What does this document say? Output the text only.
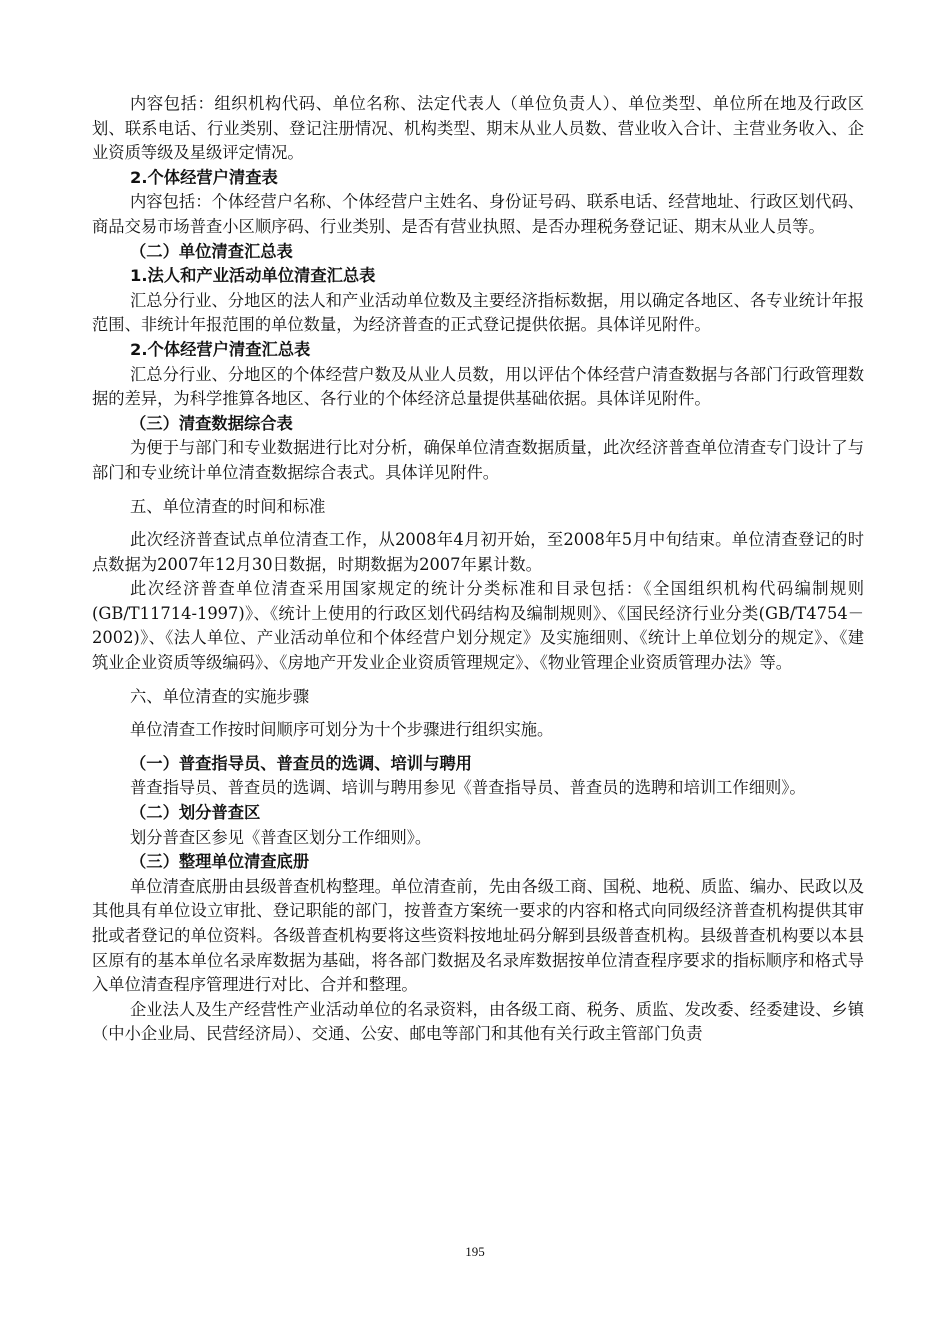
内容包括：组织机构代码、单位名称、法定代表人（单位负责人）、单位类型、单位所在地及行政区划、联系电话、行业类别、登记注册情况、机构类型、期末从业人员数、营业收入合计、主营业务收入、企业资质等级及星级评定情况。

2.个体经营户清查表

内容包括：个体经营户名称、个体经营户主姓名、身份证号码、联系电话、经营地址、行政区划代码、商品交易市场普查小区顺序码、行业类别、是否有营业执照、是否办理税务登记证、期末从业人员等。

（二）单位清查汇总表

1.法人和产业活动单位清查汇总表

汇总分行业、分地区的法人和产业活动单位数及主要经济指标数据，用以确定各地区、各专业统计年报范围、非统计年报范围的单位数量，为经济普查的正式登记提供依据。具体详见附件。

2.个体经营户清查汇总表

汇总分行业、分地区的个体经营户数及从业人员数，用以评估个体经营户清查数据与各部门行政管理数据的差异，为科学推算各地区、各行业的个体经济总量提供基础依据。具体详见附件。

（三）清查数据综合表

为便于与部门和专业数据进行比对分析，确保单位清查数据质量，此次经济普查单位清查专门设计了与部门和专业统计单位清查数据综合表式。具体详见附件。

五、单位清查的时间和标准

此次经济普查试点单位清查工作，从2008年4月初开始，至2008年5月中旬结束。单位清查登记的时点数据为2007年12月30日数据，时期数据为2007年累计数。

此次经济普查单位清查采用国家规定的统计分类标准和目录包括：《全国组织机构代码编制规则(GB/T11714-1997)》、《统计上使用的行政区划代码结构及编制规则》、《国民经济行业分类(GB/T4754－2002)》、《法人单位、产业活动单位和个体经营户划分规定》及实施细则、《统计上单位划分的规定》、《建筑业企业资质等级编码》、《房地产开发业企业资质管理规定》、《物业管理企业资质管理办法》等。

六、单位清查的实施步骤

单位清查工作按时间顺序可划分为十个步骤进行组织实施。

（一）普查指导员、普查员的选调、培训与聘用

普查指导员、普查员的选调、培训与聘用参见《普查指导员、普查员的选聘和培训工作细则》。

（二）划分普查区

划分普查区参见《普查区划分工作细则》。

（三）整理单位清查底册

单位清查底册由县级普查机构整理。单位清查前，先由各级工商、国税、地税、质监、编办、民政以及其他具有单位设立审批、登记职能的部门，按普查方案统一要求的内容和格式向同级经济普查机构提供其审批或者登记的单位资料。各级普查机构要将这些资料按地址码分解到县级普查机构。县级普查机构要以本县区原有的基本单位名录库数据为基础，将各部门数据及名录库数据按单位清查程序要求的指标顺序和格式导入单位清查程序管理进行对比、合并和整理。

企业法人及生产经营性产业活动单位的名录资料，由各级工商、税务、质监、发改委、经委建设、乡镇（中小企业局、民营经济局）、交通、公安、邮电等部门和其他有关行政主管部门负责

195
